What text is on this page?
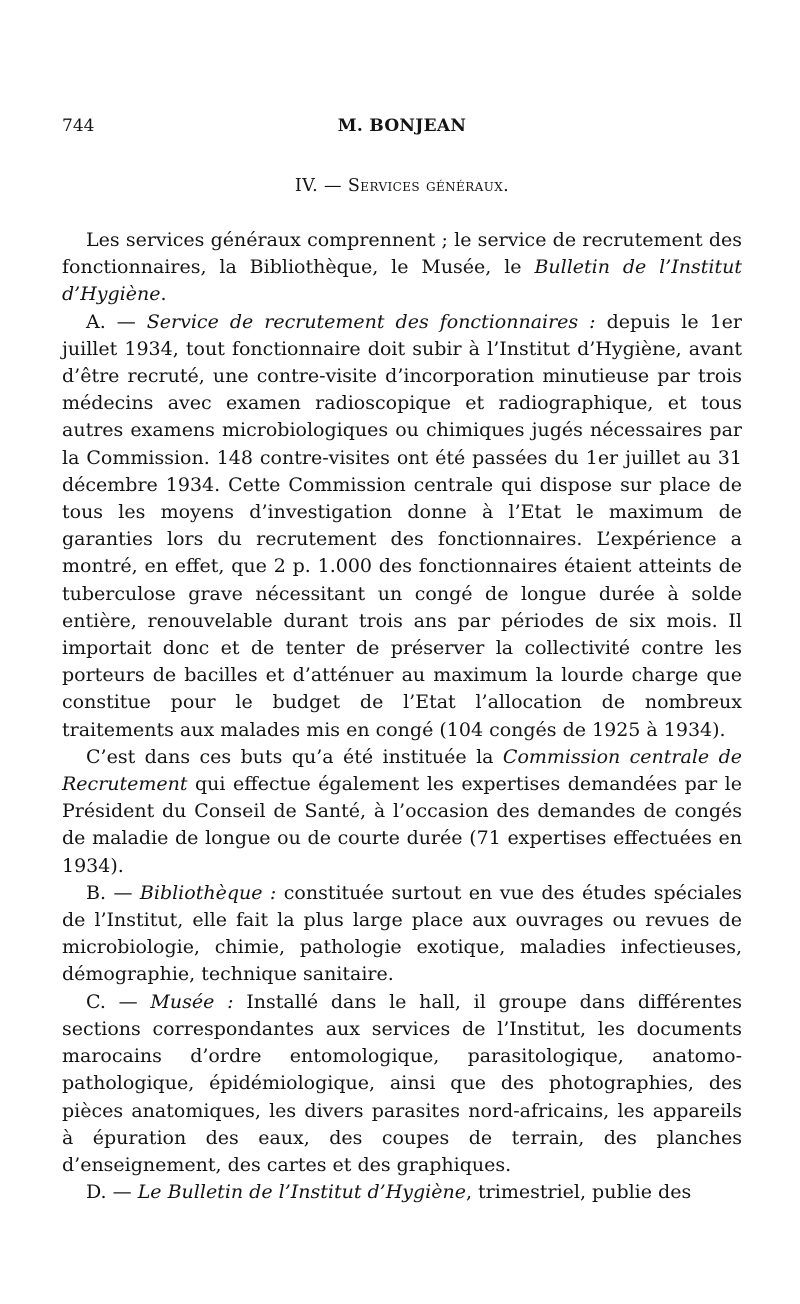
744	M. BONJEAN
IV. — Services généraux.

Les services généraux comprennent ; le service de recrutement des fonctionnaires, la Bibliothèque, le Musée, le Bulletin de l’Institut d’Hygiène.

A. — Service de recrutement des fonctionnaires : depuis le 1er juillet 1934, tout fonctionnaire doit subir à l’Institut d’Hygiène, avant d’être recruté, une contre-visite d’incorporation minutieuse par trois médecins avec examen radioscopique et radiographique, et tous autres examens microbiologiques ou chimiques jugés nécessaires par la Commission. 148 contre-visites ont été passées du 1er juillet au 31 décembre 1934. Cette Commission centrale qui dispose sur place de tous les moyens d’investigation donne à l’Etat le maximum de garanties lors du recrutement des fonctionnaires. L’expérience a montré, en effet, que 2 p. 1.000 des fonctionnaires étaient atteints de tuberculose grave nécessitant un congé de longue durée à solde entière, renouvelable durant trois ans par périodes de six mois. Il importait donc et de tenter de préserver la collectivité contre les porteurs de bacilles et d’atténuer au maximum la lourde charge que constitue pour le budget de l’Etat l’allocation de nombreux traitements aux malades mis en congé (104 congés de 1925 à 1934).

C’est dans ces buts qu’a été instituée la Commission centrale de Recrutement qui effectue également les expertises demandées par le Président du Conseil de Santé, à l’occasion des demandes de congés de maladie de longue ou de courte durée (71 expertises effectuées en 1934).

B. — Bibliothèque : constituée surtout en vue des études spéciales de l’Institut, elle fait la plus large place aux ouvrages ou revues de microbiologie, chimie, pathologie exotique, maladies infectieuses, démographie, technique sanitaire.

C. — Musée : Installé dans le hall, il groupe dans différentes sections correspondantes aux services de l’Institut, les documents marocains d’ordre entomologique, parasitologique, anatomo-pathologique, épidémiologique, ainsi que des photographies, des pièces anatomiques, les divers parasites nord-africains, les appareils à épuration des eaux, des coupes de terrain, des planches d’enseignement, des cartes et des graphiques.

D. — Le Bulletin de l’Institut d’Hygiène, trimestriel, publie des
